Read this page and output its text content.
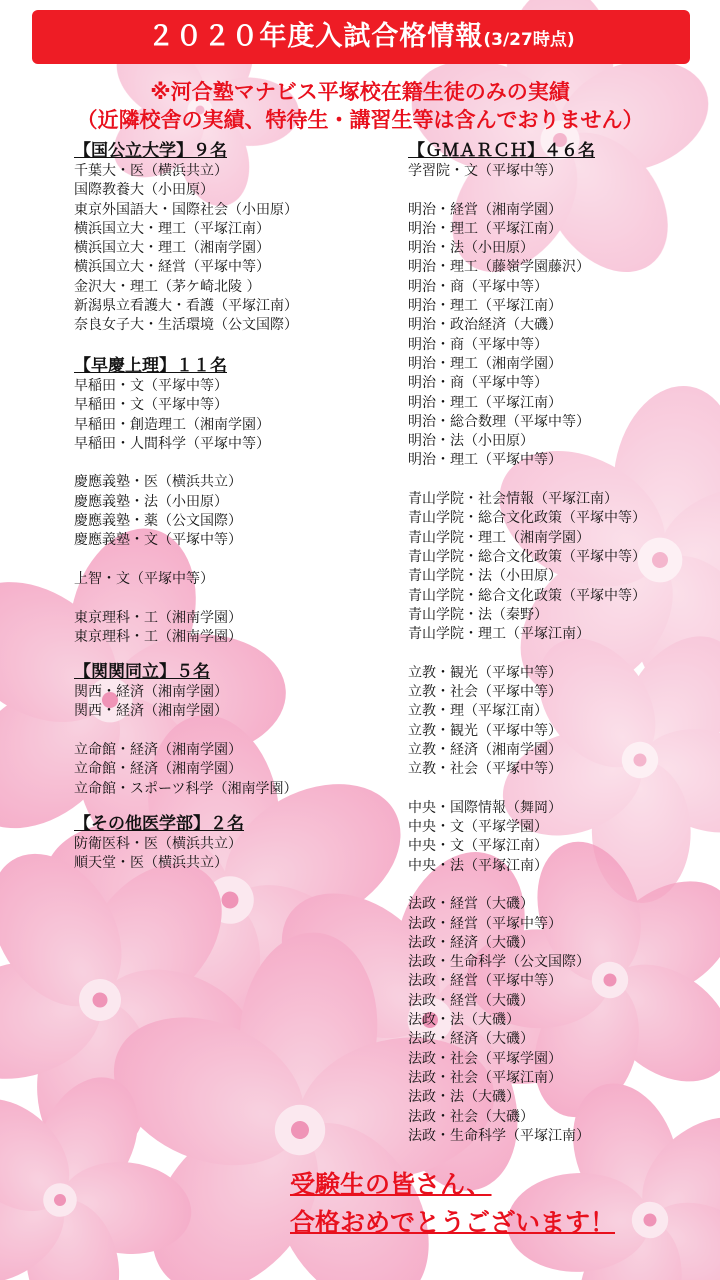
２０２０年度入試合格情報(3/27時点)
※河合塾マナビス平塚校在籍生徒のみの実績
（近隣校舎の実績、特待生・講習生等は含んでおりません）
【国公立大学】９名
千葉大・医（横浜共立）
国際教養大（小田原）
東京外国語大・国際社会（小田原）
横浜国立大・理工（平塚江南）
横浜国立大・理工（湘南学園）
横浜国立大・経営（平塚中等）
金沢大・理工（茅ケ崎北陵 ）
新潟県立看護大・看護（平塚江南）
奈良女子大・生活環境（公文国際）
【早慶上理】１１名
早稲田・文（平塚中等）
早稲田・文（平塚中等）
早稲田・創造理工（湘南学園）
早稲田・人間科学（平塚中等）
慶應義塾・医（横浜共立）
慶應義塾・法（小田原）
慶應義塾・薬（公文国際）
慶應義塾・文（平塚中等）
上智・文（平塚中等）
東京理科・工（湘南学園）
東京理科・工（湘南学園）
【関関同立】５名
関西・経済（湘南学園）
関西・経済（湘南学園）
立命館・経済（湘南学園）
立命館・経済（湘南学園）
立命館・スポーツ科学（湘南学園）
【その他医学部】２名
防衛医科・医（横浜共立）
順天堂・医（横浜共立）
【ＧＭＡＲＣＨ】４６名
学習院・文（平塚中等）
明治・経営（湘南学園）
明治・理工（平塚江南）
明治・法（小田原）
明治・理工（藤嶺学園藤沢）
明治・商（平塚中等）
明治・理工（平塚江南）
明治・政治経済（大磯）
明治・商（平塚中等）
明治・理工（湘南学園）
明治・商（平塚中等）
明治・理工（平塚江南）
明治・総合数理（平塚中等）
明治・法（小田原）
明治・理工（平塚中等）
青山学院・社会情報（平塚江南）
青山学院・総合文化政策（平塚中等）
青山学院・理工（湘南学園）
青山学院・総合文化政策（平塚中等）
青山学院・法（小田原）
青山学院・総合文化政策（平塚中等）
青山学院・法（秦野）
青山学院・理工（平塚江南）
立教・観光（平塚中等）
立教・社会（平塚中等）
立教・理（平塚江南）
立教・観光（平塚中等）
立教・経済（湘南学園）
立教・社会（平塚中等）
中央・国際情報（舞岡）
中央・文（平塚学園）
中央・文（平塚江南）
中央・法（平塚江南）
法政・経営（大磯）
法政・経営（平塚中等）
法政・経済（大磯）
法政・生命科学（公文国際）
法政・経営（平塚中等）
法政・経営（大磯）
法政・法（大磯）
法政・経済（大磯）
法政・社会（平塚学園）
法政・社会（平塚江南）
法政・法（大磯）
法政・社会（大磯）
法政・生命科学（平塚江南）
受験生の皆さん、
合格おめでとうございます！
